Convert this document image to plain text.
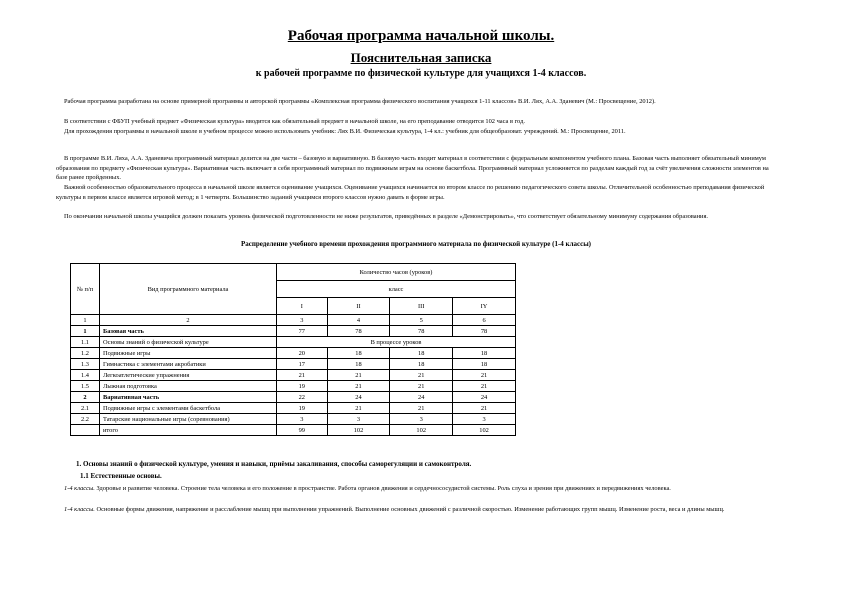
Рабочая программа начальной школы.
Пояснительная записка
к рабочей программе по физической культуре для учащихся 1-4 классов.

Рабочая программа разработана на основе примерной программы и авторской программы «Комплексная программа физического воспитания учащихся 1-11 классов» В.И. Лях, А.А. Зданевич (М.: Просвещение, 2012).

В соответствии с ФБУП учебный предмет «Физическая культура» вводится как обязательный предмет в начальной школе, на его преподавание отводится 102 часа в год.

Для прохождения программы в начальной школе в учебном процессе можно использовать учебник: Лях В.И. Физическая культура, 1-4 кл.: учебник для общеобразоват. учреждений. М.: Просвещение, 2011.

В программе В.И. Ляха, А.А. Зданевича программный материал делится на две части – базовую и вариативную. В базовую часть входит материал в соответствии с федеральным компонентом учебного плана. Базовая часть выполняет обязательный минимум образования по предмету «Физическая культура». Вариативная часть включает в себя программный материал по подвижным играм на основе баскетбола. Программный материал усложняется по разделам каждый год за счёт увеличения сложности элементов на базе ранее пройденных.

Важной особенностью образовательного процесса в начальной школе является оценивание учащихся. Оценивание учащихся начинается во втором классе по решению педагогического совета школы. Отличительной особенностью преподавания физической культуры в первом классе является игровой метод; в 1 четверти. Большинство заданий учащимся второго классов нужно давать в форме игры.

По окончании начальной школы учащийся должен показать уровень физической подготовленности не ниже результатов, приведённых в разделе «Демонстрировать», что соответствует обязательному минимуму содержания образования.

Распределение учебного времени прохождения программного материала по физической культуре (1-4 классы)
№ п/п	Вид программного материала	Количество часов (уроков)			
		класс			
		I	II	III	IY
1	2	3	4	5	6
1	Базовая часть	77	78	78	78
1.1	Основы знаний о физической культуре	В процессе уроков			
1.2	Подвижные игры	20	18	18	18
1.3	Гимнастика с элементами акробатики	17	18	18	18
1.4	Легкоатлетические упражнения	21	21	21	21
1.5	Лыжная подготовка	19	21	21	21
2	Вариативная часть	22	24	24	24
2.1	Подвижные игры с элементами баскетбола	19	21	21	21
2.2	Татарские национальные игры (соревнования)	3	3	3	3
	итого	99	102	102	102
1. Основы знаний о физической культуре, умения и навыки, приёмы закаливания, способы саморегуляции и самоконтроля.
1.1 Естественные основы.

1-4 классы. Здоровье и развитие человека. Строение тела человека и его положение в пространстве. Работа органов движения и сердечнососудистой системы. Роль слуха и зрения при движениях и передвижениях человека.

1-4 классы. Основные формы движения, напряжение и расслабление мышц при выполнении упражнений. Выполнение основных движений с различной скоростью. Изменение работающих групп мышц. Изменение роста, веса и длины мышц.
